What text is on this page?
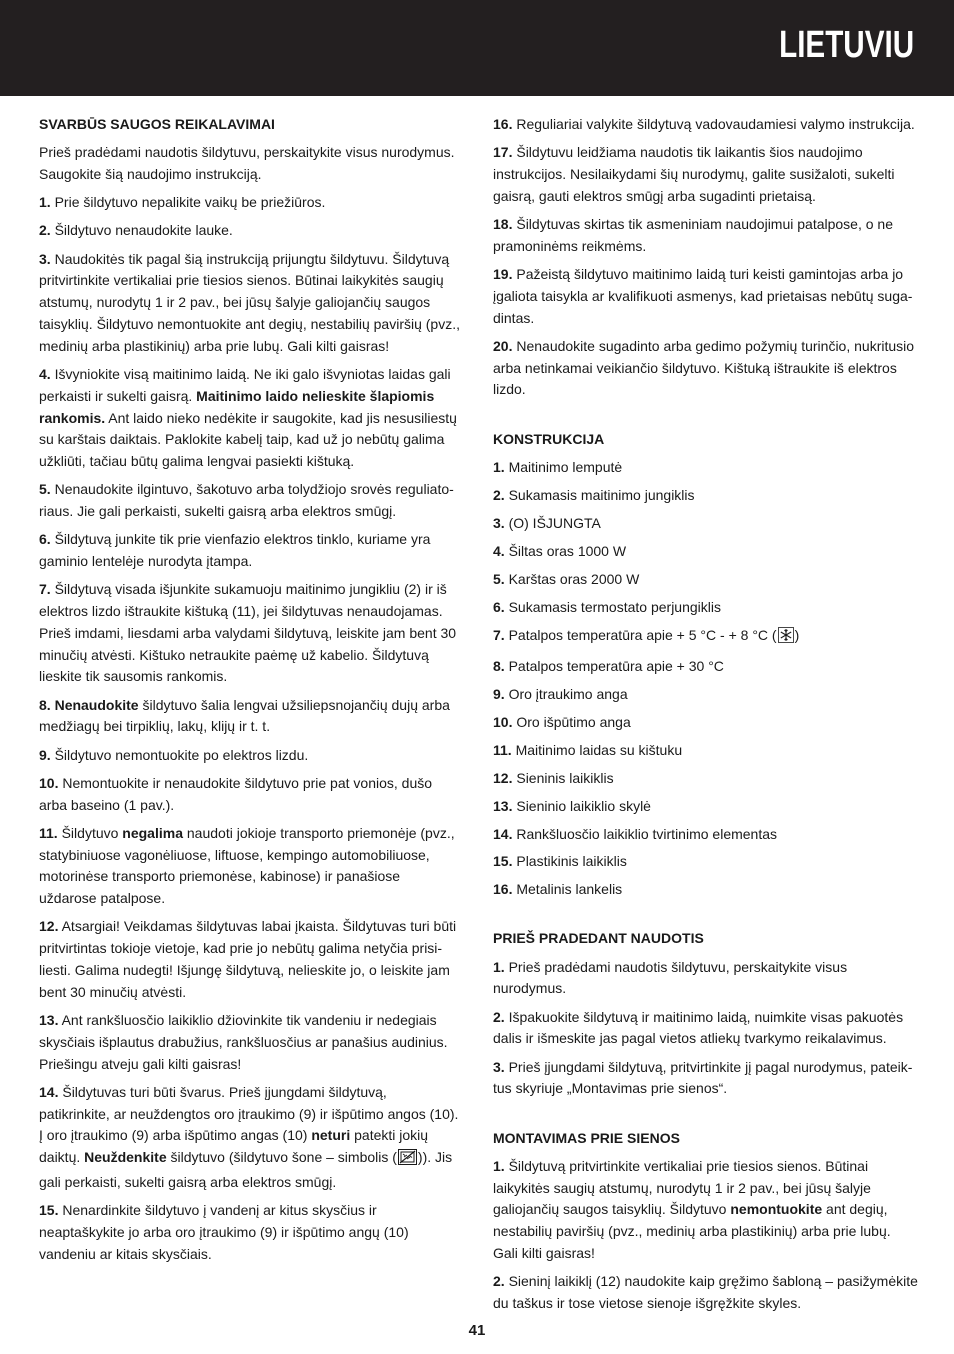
LIETUVIU
SVARBŪS SAUGOS REIKALAVIMAI

Prieš pradėdami naudotis šildytuvu, perskaitykite visus nurodymus. Saugokite šią naudojimo instrukciją.

1. Prie šildytuvo nepalikite vaikų be priežiūros.

2. Šildytuvo nenaudokite lauke.

3. Naudokitės tik pagal šią instrukciją prijungtu šildytuvu. Šildytuvą pritvirtinkite vertikaliai prie tiesios sienos. Būtinai laikykitės saugių atstumų, nurodytų 1 ir 2 pav., bei jūsų šalyje galiojančių saugos taisyklių. Šildytuvo nemontuokite ant degių, nestabilių paviršių (pvz., medinių arba plastikinių) arba prie lubų. Gali kilti gaisras!

4. Išvyniokite visą maitinimo laidą. Ne iki galo išvyniotas laidas gali perkaisti ir sukelti gaisrą. Maitinimo laido nelieskite šlapiomis rankomis. Ant laido nieko nedėkite ir saugokite, kad jis nesusiliestų su karštais daiktais. Paklokite kabelį taip, kad už jo nebūtų galima užkliūti, tačiau būtų galima lengvai pasiekti kištuką.

5. Nenaudokite ilgintuvo, šakotuvo arba tolydžiojo srovės reguliatoriaus. Jie gali perkaisti, sukelti gaisrą arba elektros smūgį.

6. Šildytuvą junkite tik prie vienfazio elektros tinklo, kuriame yra gaminio lentelėje nurodyta įtampa.

7. Šildytuvą visada išjunkite sukamuoju maitinimo jungikliu (2) ir iš elektros lizdo ištraukite kištuką (11), jei šildytuvas nenaudojamas. Prieš imdami, liesdami arba valydami šildytuvą, leiskite jam bent 30 minučių atvėsti. Kištuko netraukite paėmę už kabelio. Šildytuvą lieskite tik sausomis rankomis.

8. Nenaudokite šildytuvo šalia lengvai užsiliepsnojančių dujų arba medžiagų bei tirpiklių, lakų, klijų ir t. t.

9. Šildytuvo nemontuokite po elektros lizdu.

10. Nemontuokite ir nenaudokite šildytuvo prie pat vonios, dušo arba baseino (1 pav.).

11. Šildytuvo negalima naudoti jokioje transporto priemonėje (pvz., statybiniuose vagonėliuose, liftuose, kempingo automobiliuose, motorinėse transporto priemonėse, kabinose) ir panašiose uždarose patalpose.

12. Atsargiai! Veikdamas šildytuvas labai įkaista. Šildytuvas turi būti pritvirtintas tokioje vietoje, kad prie jo nebūtų galima netyčia prisiliesti. Galima nudegti! Išjungę šildytuvą, nelieskite jo, o leiskite jam bent 30 minučių atvėsti.

13. Ant rankšluosčio laikiklio džiovinkite tik vandeniu ir nedegiais skysčiais išplautus drabužius, rankšluosčius ar panašius audinius. Priešingu atveju gali kilti gaisras!

14. Šildytuvas turi būti švarus. Prieš įjungdami šildytuvą, patikrinkite, ar neuždengtos oro įtraukimo (9) ir išpūtimo angos (10). Į oro įtraukimo (9) arba išpūtimo angas (10) neturi patekti jokių daiktų. Neuždenkite šildytuvo (šildytuvo šone – simbolis ( )). Jis gali perkaisti, sukelti gaisrą arba elektros smūgį.

15. Nenardinkite šildytuvo į vandenį ar kitus skysčius ir neaptaškykite jo arba oro įtraukimo (9) ir išpūtimo angų (10) vandeniu ar kitais skysčiais.

16. Reguliariai valykite šildytuvą vadovaudamiesi valymo instrukcija.

17. Šildytuvu leidžiama naudotis tik laikantis šios naudojimo instrukcijos. Nesilaikydami šių nurodymų, galite susižaloti, sukelti gaisrą, gauti elektros smūgį arba sugadinti prietaisą.

18. Šildytuvas skirtas tik asmeniniam naudojimui patalpose, o ne pramoninėms reikmėms.

19. Pažeistą šildytuvo maitinimo laidą turi keisti gamintojas arba jo įgaliota taisykla ar kvalifikuoti asmenys, kad prietaisas nebūtų sugadintas.

20. Nenaudokite sugadinto arba gedimo požymių turinčio, nukritusio arba netinkamai veikiančio šildytuvo. Kištuką ištraukite iš elektros lizdo.

KONSTRUKCIJA

1. Maitinimo lemputė

2. Sukamasis maitinimo jungiklis

3. (O) IŠJUNGTA

4. Šiltas oras 1000 W

5. Karštas oras 2000 W

6. Sukamasis termostato perjungiklis

7. Patalpos temperatūra apie + 5 °C - + 8 °C ( )

8. Patalpos temperatūra apie + 30 °C

9. Oro įtraukimo anga

10. Oro išpūtimo anga

11. Maitinimo laidas su kištuku

12. Sieninis laikiklis

13. Sieninio laikiklio skylė

14. Rankšluosčio laikiklio tvirtinimo elementas

15. Plastikinis laikiklis

16. Metalinis lankelis

PRIEŠ PRADEDANT NAUDOTIS

1. Prieš pradėdami naudotis šildytuvu, perskaitykite visus nurodymus.

2. Išpakuokite šildytuvą ir maitinimo laidą, nuimkite visas pakuotės dalis ir išmeskite jas pagal vietos atliekų tvarkymo reikalavimus.

3. Prieš įjungdami šildytuvą, pritvirtinkite jį pagal nurodymus, pateiktus skyriuje „Montavimas prie sienos“.

MONTAVIMAS PRIE SIENOS

1. Šildytuvą pritvirtinkite vertikaliai prie tiesios sienos. Būtinai laikykitės saugių atstumų, nurodytų 1 ir 2 pav., bei jūsų šalyje galiojančių saugos taisyklių. Šildytuvo nemontuokite ant degių, nestabilių paviršių (pvz., medinių arba plastikinių) arba prie lubų. Gali kilti gaisras!

2. Sieninį laikiklį (12) naudokite kaip gręžimo šabloną – pasižymėkite du taškus ir tose vietose sienoje išgręžkite skyles.

41
